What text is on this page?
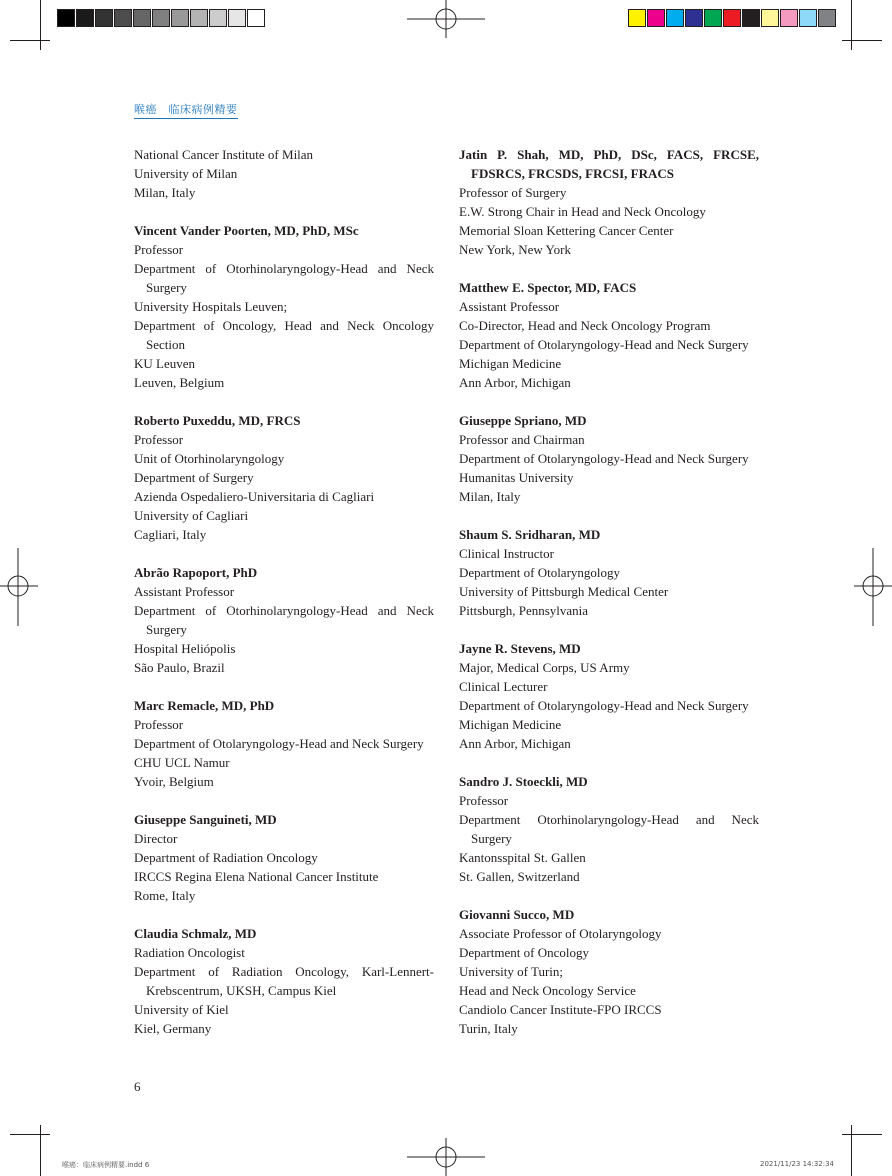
喉癌　临床病例精要
National Cancer Institute of Milan
University of Milan
Milan, Italy
Vincent Vander Poorten, MD, PhD, MSc
Professor
Department of Otorhinolaryngology-Head and Neck
Surgery
University Hospitals Leuven;
Department of Oncology, Head and Neck Oncology
Section
KU Leuven
Leuven, Belgium
Roberto Puxeddu, MD, FRCS
Professor
Unit of Otorhinolaryngology
Department of Surgery
Azienda Ospedaliero-Universitaria di Cagliari
University of Cagliari
Cagliari, Italy
Abrão Rapoport, PhD
Assistant Professor
Department of Otorhinolaryngology-Head and Neck
Surgery
Hospital Heliópolis
São Paulo, Brazil
Marc Remacle, MD, PhD
Professor
Department of Otolaryngology-Head and Neck Surgery
CHU UCL Namur
Yvoir, Belgium
Giuseppe Sanguineti, MD
Director
Department of Radiation Oncology
IRCCS Regina Elena National Cancer Institute
Rome, Italy
Claudia Schmalz, MD
Radiation Oncologist
Department of Radiation Oncology, Karl-Lennert-
Krebscentrum, UKSH, Campus Kiel
University of Kiel
Kiel, Germany
Jatin P. Shah, MD, PhD, DSc, FACS, FRCSE,
FDSRCS, FRCSDS, FRCSI, FRACS
Professor of Surgery
E.W. Strong Chair in Head and Neck Oncology
Memorial Sloan Kettering Cancer Center
New York, New York
Matthew E. Spector, MD, FACS
Assistant Professor
Co-Director, Head and Neck Oncology Program
Department of Otolaryngology-Head and Neck Surgery
Michigan Medicine
Ann Arbor, Michigan
Giuseppe Spriano, MD
Professor and Chairman
Department of Otolaryngology-Head and Neck Surgery
Humanitas University
Milan, Italy
Shaum S. Sridharan, MD
Clinical Instructor
Department of Otolaryngology
University of Pittsburgh Medical Center
Pittsburgh, Pennsylvania
Jayne R. Stevens, MD
Major, Medical Corps, US Army
Clinical Lecturer
Department of Otolaryngology-Head and Neck Surgery
Michigan Medicine
Ann Arbor, Michigan
Sandro J. Stoeckli, MD
Professor
Department Otorhinolaryngology-Head and Neck
Surgery
Kantonsspital St. Gallen
St. Gallen, Switzerland
Giovanni Succo, MD
Associate Professor of Otolaryngology
Department of Oncology
University of Turin;
Head and Neck Oncology Service
Candiolo Cancer Institute-FPO IRCCS
Turin, Italy
6
喉癌：临床病例精要.indd 6	2021/11/23 14:32:34
